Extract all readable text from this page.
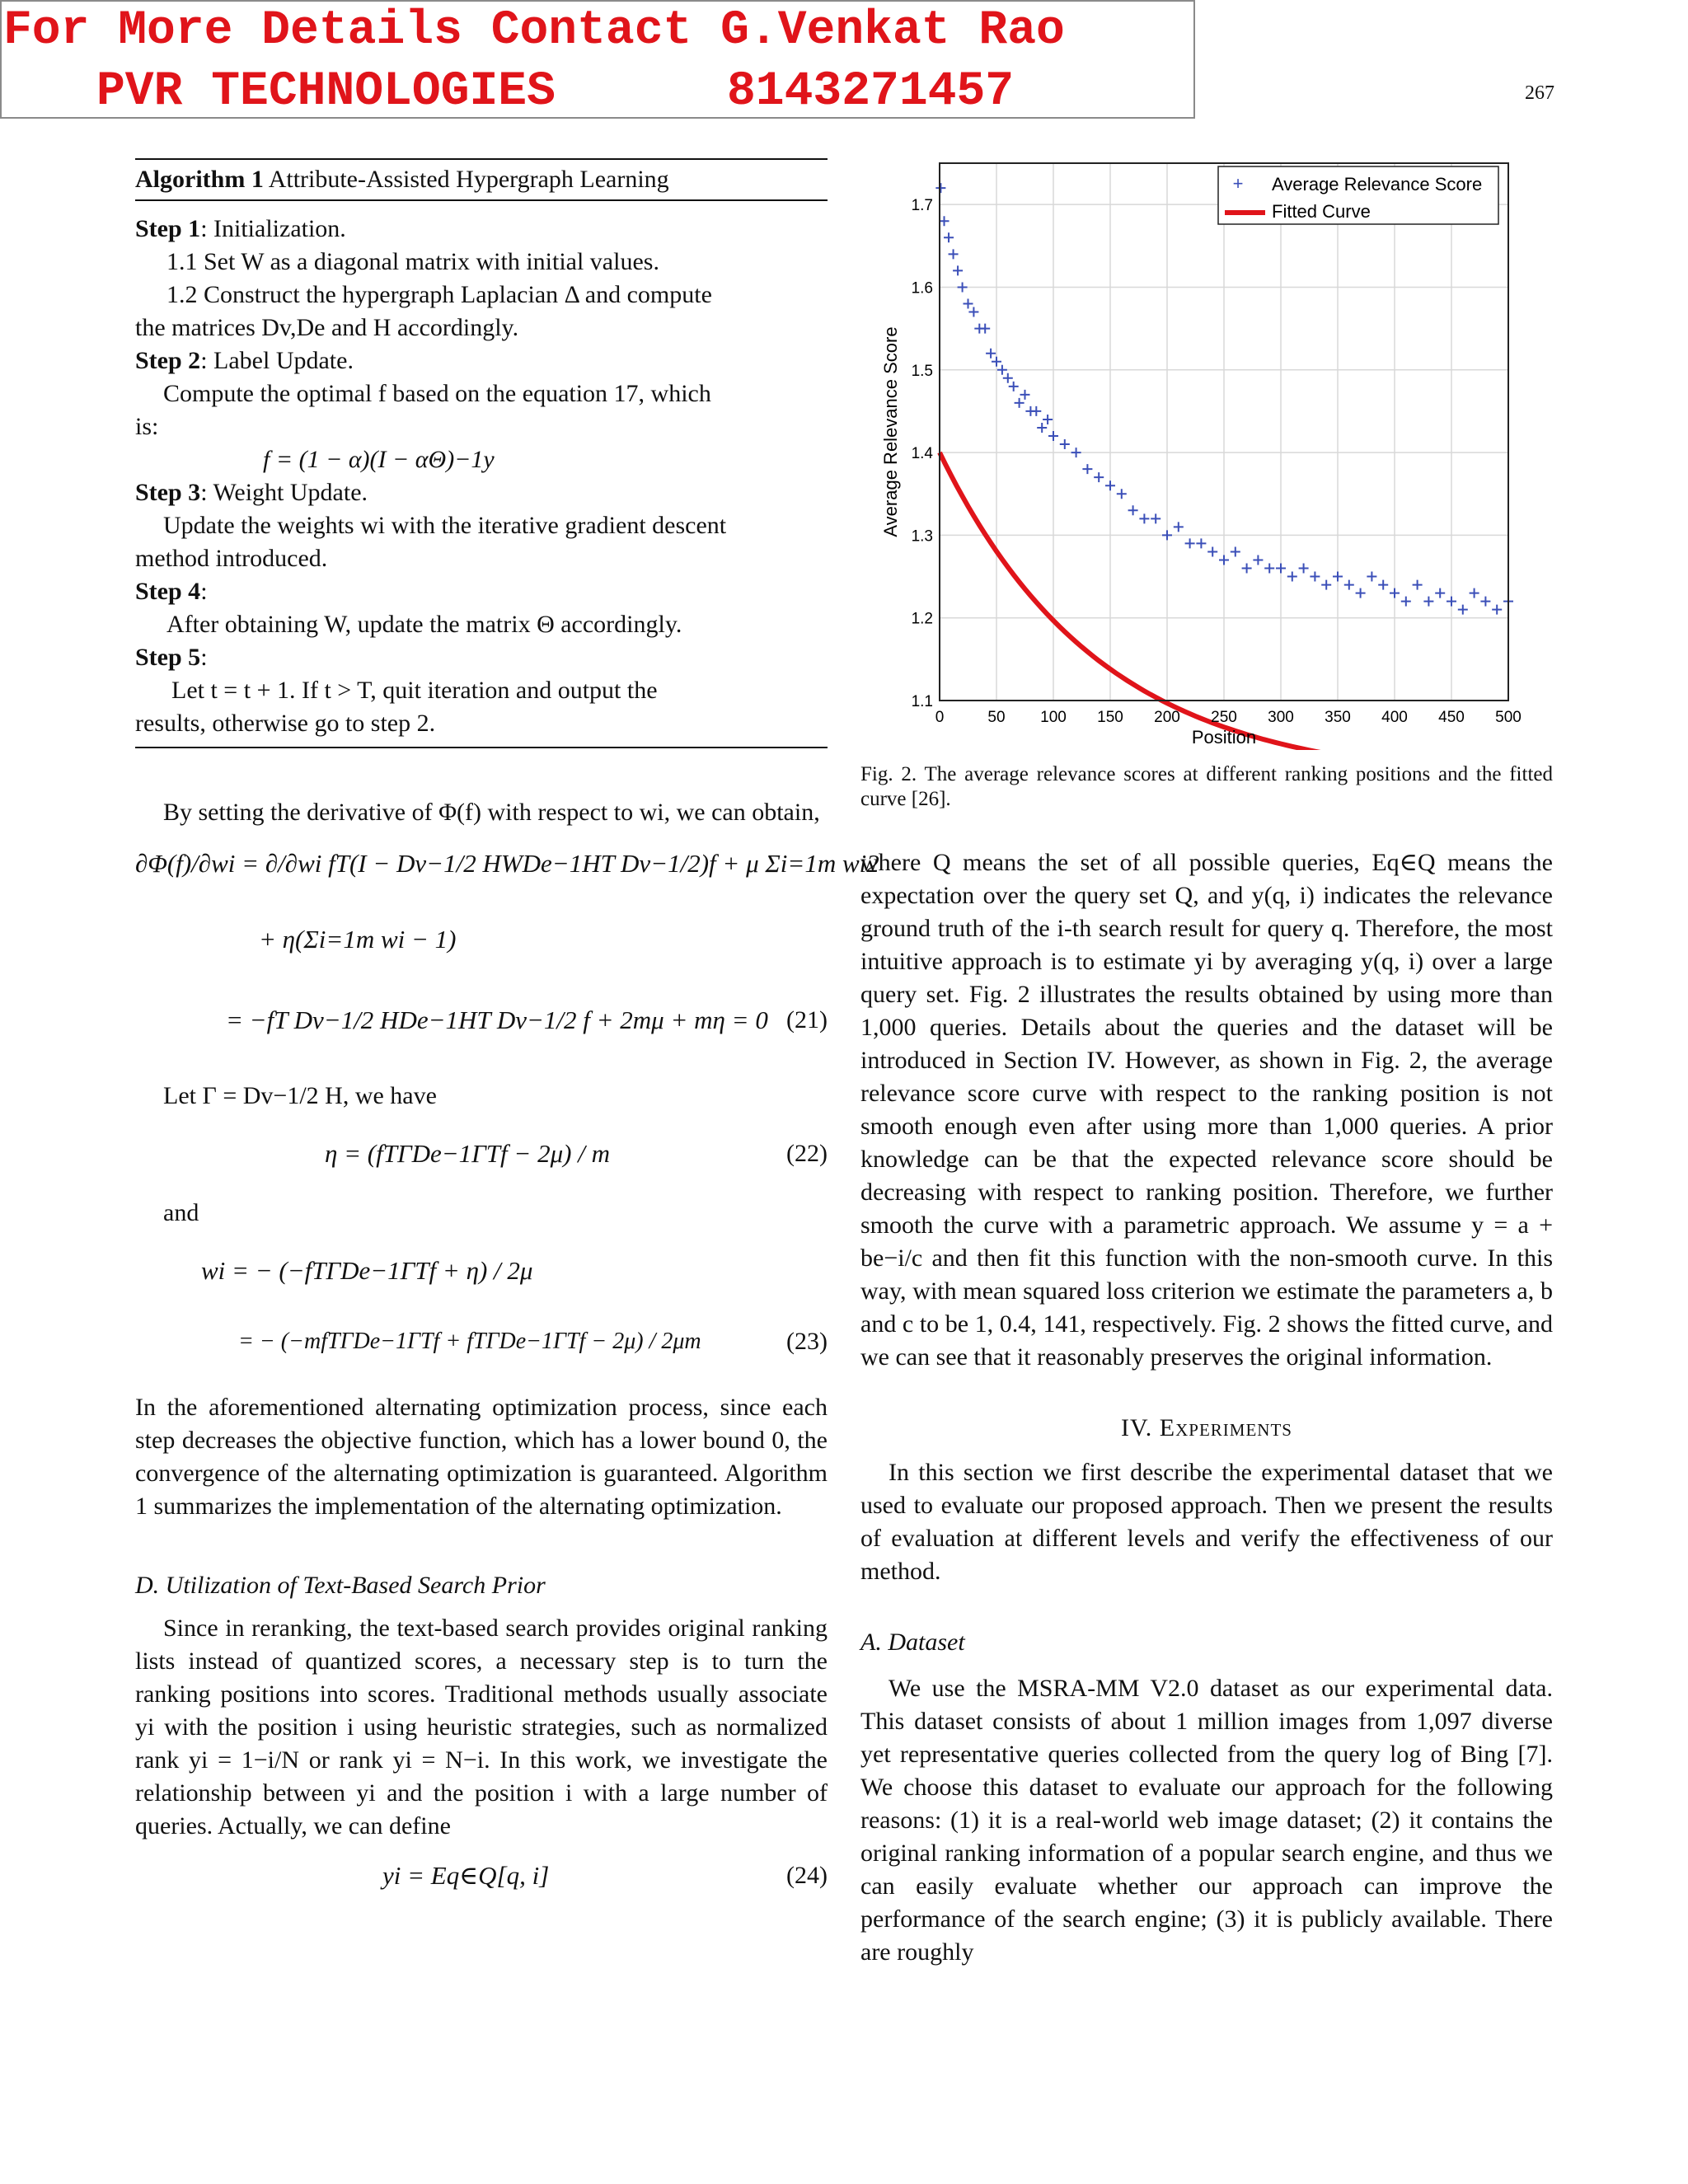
For More Details Contact G.Venkat Rao
PVR TECHNOLOGIES	8143271457	267
Algorithm 1 Attribute-Assisted Hypergraph Learning
Step 1: Initialization.
1.1 Set W as a diagonal matrix with initial values.
1.2 Construct the hypergraph Laplacian Δ and compute
the matrices Dv,De and H accordingly.
Step 2: Label Update.
Compute the optimal f based on the equation 17, which
is:
f = (1 − α)(I − αΘ)−1y
Step 3: Weight Update.
Update the weights wi with the iterative gradient descent
method introduced.
Step 4:
After obtaining W, update the matrix Θ accordingly.
Step 5:
Let t = t + 1. If t > T, quit iteration and output the
results, otherwise go to step 2.

By setting the derivative of Φ(f) with respect to wi, we can obtain,

∂Φ(f)/∂wi = ∂/∂wi fT(I − Dv−1/2 HWDe−1HT Dv−1/2)f + μ Σi=1m wi2
+ η(Σi=1m wi − 1)
= −fT Dv−1/2 HDe−1HT Dv−1/2 f + 2mμ + mη = 0 (21)
Let Γ = Dv−1/2 H, we have
η = (fTΓDe−1ΓTf − 2μ) / m	(22)
and
wi = − (−fTΓDe−1ΓTf + η) / 2μ
= − (−mfTΓDe−1ΓTf + fTΓDe−1ΓTf − 2μ) / 2μm	(23)

In the aforementioned alternating optimization process, since each step decreases the objective function, which has a lower bound 0, the convergence of the alternating optimization is guaranteed. Algorithm 1 summarizes the implementation of the alternating optimization.

D. Utilization of Text-Based Search Prior

Since in reranking, the text-based search provides original ranking lists instead of quantized scores, a necessary step is to turn the ranking positions into scores. Traditional methods usually associate yi with the position i using heuristic strategies, such as normalized rank yi = 1−i/N or rank yi = N−i. In this work, we investigate the relationship between yi and the position i with a large number of queries. Actually, we can define

yi = Eq∈Q[q, i]	(24)
0	50 100 150 200 250 300 350 400 450 500
1.1
1.2
1.3
1.4
1.5
1.6
1.7
Position
Average Relevance Score
+ Average Relevance Score
Fitted Curve

Fig. 2. The average relevance scores at different ranking positions and the fitted curve [26].

where Q means the set of all possible queries, Eq∈Q means the expectation over the query set Q, and y(q, i) indicates the relevance ground truth of the i-th search result for query q. Therefore, the most intuitive approach is to estimate yi by averaging y(q, i) over a large query set. Fig. 2 illustrates the results obtained by using more than 1,000 queries. Details about the queries and the dataset will be introduced in Section IV. However, as shown in Fig. 2, the average relevance score curve with respect to the ranking position is not smooth enough even after using more than 1,000 queries. A prior knowledge can be that the expected relevance score should be decreasing with respect to ranking position. Therefore, we further smooth the curve with a parametric approach. We assume y = a + be−i/c and then fit this function with the non-smooth curve. In this way, with mean squared loss criterion we estimate the parameters a, b and c to be 1, 0.4, 141, respectively. Fig. 2 shows the fitted curve, and we can see that it reasonably preserves the original information.

IV. Experiments

In this section we first describe the experimental dataset that we used to evaluate our proposed approach. Then we present the results of evaluation at different levels and verify the effectiveness of our method.

A. Dataset

We use the MSRA-MM V2.0 dataset as our experimental data. This dataset consists of about 1 million images from 1,097 diverse yet representative queries collected from the query log of Bing [7]. We choose this dataset to evaluate our approach for the following reasons: (1) it is a real-world web image dataset; (2) it contains the original ranking information of a popular search engine, and thus we can easily evaluate whether our approach can improve the performance of the search engine; (3) it is publicly available. There are roughly
